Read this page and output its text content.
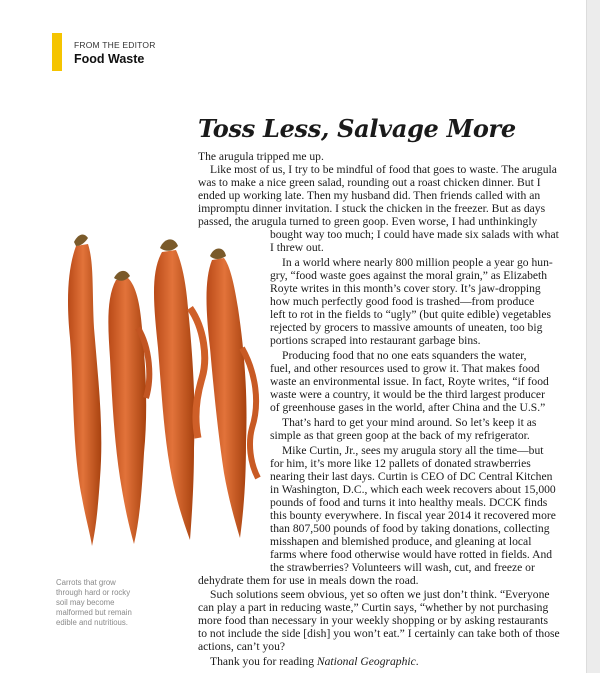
FROM THE EDITOR
Food Waste
Toss Less, Salvage More
The arugula tripped me up.
Like most of us, I try to be mindful of food that goes to waste. The arugula
was to make a nice green salad, rounding out a roast chicken dinner. But I
ended up working late. Then my husband did. Then friends called with an
impromptu dinner invitation. I stuck the chicken in the freezer. But as days
passed, the arugula turned to green goop. Even worse, I had unthinkingly
bought way too much; I could have made six salads with what
I threw out.
In a world where nearly 800 million people a year go hun-
gry, “food waste goes against the moral grain,” as Elizabeth
Royte writes in this month’s cover story. It’s jaw-dropping
how much perfectly good food is trashed—from produce
left to rot in the fields to “ugly” (but quite edible) vegetables
rejected by grocers to massive amounts of uneaten, too big
portions scraped into restaurant garbage bins.
Producing food that no one eats squanders the water,
fuel, and other resources used to grow it. That makes food
waste an environmental issue. In fact, Royte writes, “if food
waste were a country, it would be the third largest producer
of greenhouse gases in the world, after China and the U.S.”
That’s hard to get your mind around. So let’s keep it as
simple as that green goop at the back of my refrigerator.
Mike Curtin, Jr., sees my arugula story all the time—but
for him, it’s more like 12 pallets of donated strawberries
nearing their last days. Curtin is CEO of DC Central Kitchen
in Washington, D.C., which each week recovers about 15,000
pounds of food and turns it into healthy meals. DCCK finds
this bounty everywhere. In fiscal year 2014 it recovered more
than 807,500 pounds of food by taking donations, collecting
misshapen and blemished produce, and gleaning at local
farms where food otherwise would have rotted in fields. And
the strawberries? Volunteers will wash, cut, and freeze or
dehydrate them for use in meals down the road.
Such solutions seem obvious, yet so often we just don’t think. “Everyone
can play a part in reducing waste,” Curtin says, “whether by not purchasing
more food than necessary in your weekly shopping or by asking restaurants
to not include the side [dish] you won’t eat.” I certainly can take both of those
actions, can’t you?
Thank you for reading National Geographic.
Carrots that grow
through hard or rocky
soil may become
malformed but remain
edible and nutritious.
